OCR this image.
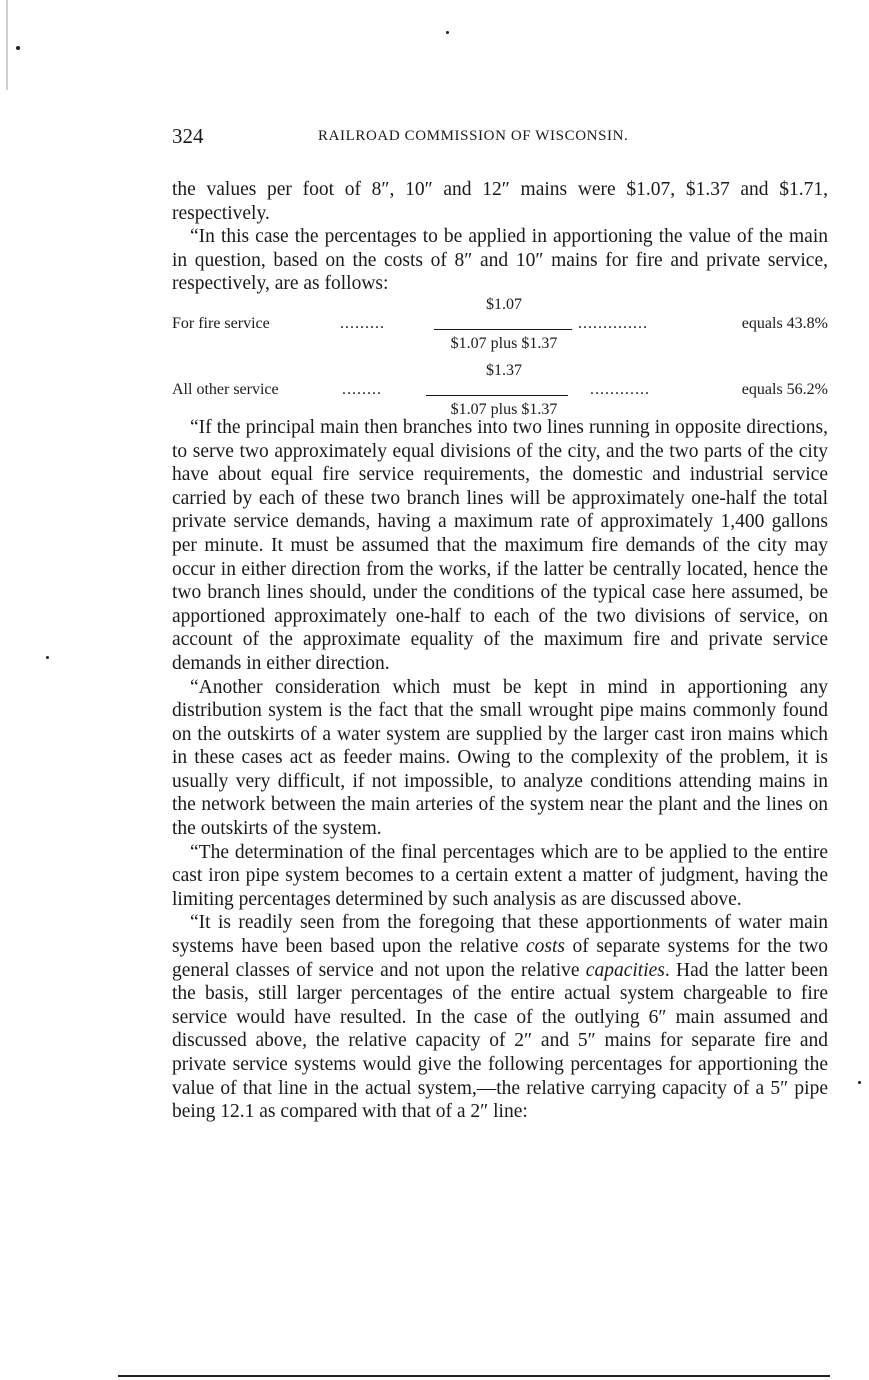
324	RAILROAD COMMISSION OF WISCONSIN.

the values per foot of 8″, 10″ and 12″ mains were $1.07, $1.37 and $1.71, respectively.

“In this case the percentages to be applied in apportioning the value of the main in question, based on the costs of 8″ and 10″ mains for fire and private service, respectively, are as follows:

For fire service	.........
$1.07
$1.07 plus $1.37
..............	equals 43.8%
All other service	........
$1.37
$1.07 plus $1.37
............	equals 56.2%

“If the principal main then branches into two lines running in opposite directions, to serve two approximately equal divisions of the city, and the two parts of the city have about equal fire service requirements, the domestic and industrial service carried by each of these two branch lines will be approximately one-half the total private service demands, having a maximum rate of approximately 1,400 gallons per minute. It must be assumed that the maximum fire demands of the city may occur in either direction from the works, if the latter be centrally located, hence the two branch lines should, under the conditions of the typical case here assumed, be apportioned approximately one-half to each of the two divisions of service, on account of the approximate equality of the maximum fire and private service demands in either direction.

“Another consideration which must be kept in mind in apportioning any distribution system is the fact that the small wrought pipe mains commonly found on the outskirts of a water system are supplied by the larger cast iron mains which in these cases act as feeder mains. Owing to the complexity of the problem, it is usually very difficult, if not impossible, to analyze conditions attending mains in the network between the main arteries of the system near the plant and the lines on the outskirts of the system.

“The determination of the final percentages which are to be applied to the entire cast iron pipe system becomes to a certain extent a matter of judgment, having the limiting percentages determined by such analysis as are discussed above.

“It is readily seen from the foregoing that these apportionments of water main systems have been based upon the relative costs of separate systems for the two general classes of service and not upon the relative capacities. Had the latter been the basis, still larger percentages of the entire actual system chargeable to fire service would have resulted. In the case of the outlying 6″ main assumed and discussed above, the relative capacity of 2″ and 5″ mains for separate fire and private service systems would give the following percentages for apportioning the value of that line in the actual system,—the relative carrying capacity of a 5″ pipe being 12.1 as compared with that of a 2″ line:
